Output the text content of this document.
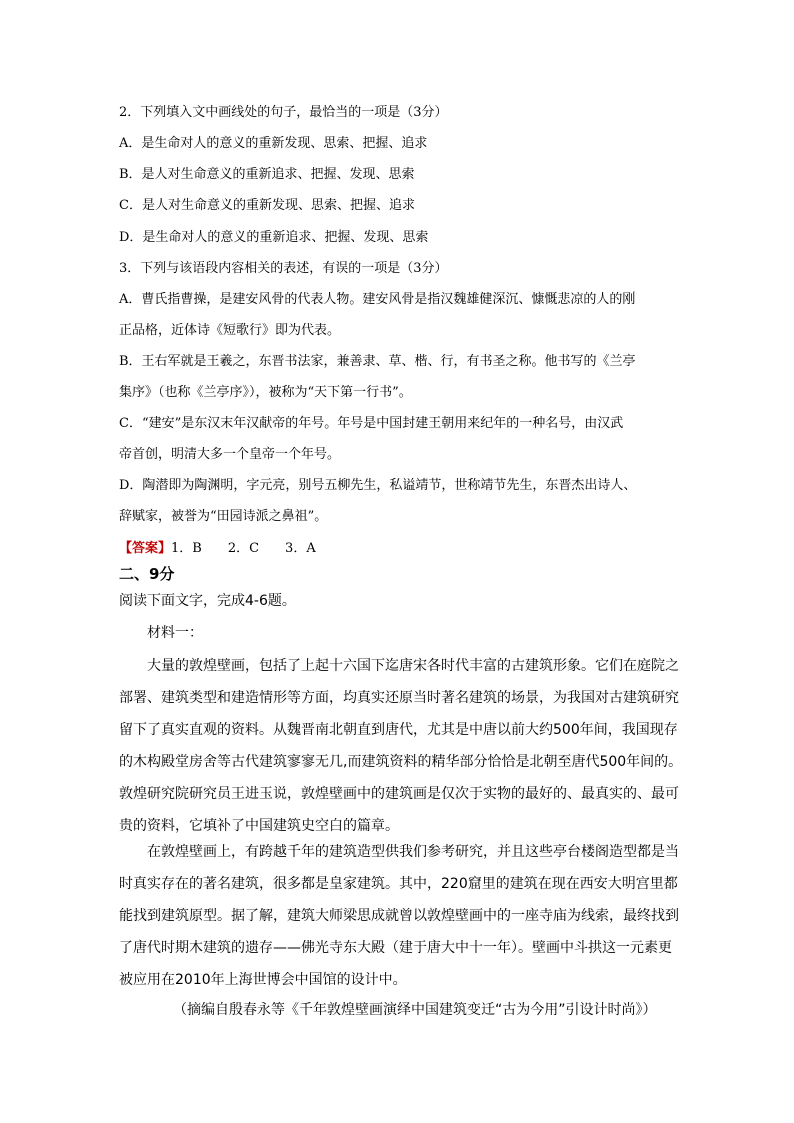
2．下列填入文中画线处的句子，最恰当的一项是（3分）
A．是生命对人的意义的重新发现、思索、把握、追求
B．是人对生命意义的重新追求、把握、发现、思索
C．是人对生命意义的重新发现、思索、把握、追求
D．是生命对人的意义的重新追求、把握、发现、思索
3．下列与该语段内容相关的表述，有误的一项是（3分）
A．曹氏指曹操，是建安风骨的代表人物。建安风骨是指汉魏雄健深沉、慷慨悲凉的人的刚
正品格，近体诗《短歌行》即为代表。
B．王右军就是王羲之，东晋书法家，兼善隶、草、楷、行，有书圣之称。他书写的《兰亭
集序》（也称《兰亭序》），被称为“天下第一行书”。
C．“建安”是东汉末年汉献帝的年号。年号是中国封建王朝用来纪年的一种名号，由汉武
帝首创，明清大多一个皇帝一个年号。
D．陶潜即为陶渊明，字元亮，别号五柳先生，私谥靖节，世称靖节先生，东晋杰出诗人、
辞赋家，被誉为“田园诗派之鼻祖”。
【答案】1．B　　2．C　　3．A
二、9分
阅读下面文字，完成4-6题。
材料一：
大量的敦煌壁画，包括了上起十六国下迄唐宋各时代丰富的古建筑形象。它们在庭院之
部署、建筑类型和建造情形等方面，均真实还原当时著名建筑的场景，为我国对古建筑研究
留下了真实直观的资料。从魏晋南北朝直到唐代，尤其是中唐以前大约500年间，我国现存
的木构殿堂房舍等古代建筑寥寥无几,而建筑资料的精华部分恰恰是北朝至唐代500年间的。
敦煌研究院研究员王进玉说，敦煌壁画中的建筑画是仅次于实物的最好的、最真实的、最可
贵的资料，它填补了中国建筑史空白的篇章。
在敦煌壁画上，有跨越千年的建筑造型供我们参考研究，并且这些亭台楼阁造型都是当
时真实存在的著名建筑，很多都是皇家建筑。其中，220窟里的建筑在现在西安大明宫里都
能找到建筑原型。据了解，建筑大师梁思成就曾以敦煌壁画中的一座寺庙为线索，最终找到
了唐代时期木建筑的遗存——佛光寺东大殿（建于唐大中十一年）。壁画中斗拱这一元素更
被应用在2010年上海世博会中国馆的设计中。
（摘编自殷春永等《千年敦煌壁画演绎中国建筑变迁“古为今用”引设计时尚》）
